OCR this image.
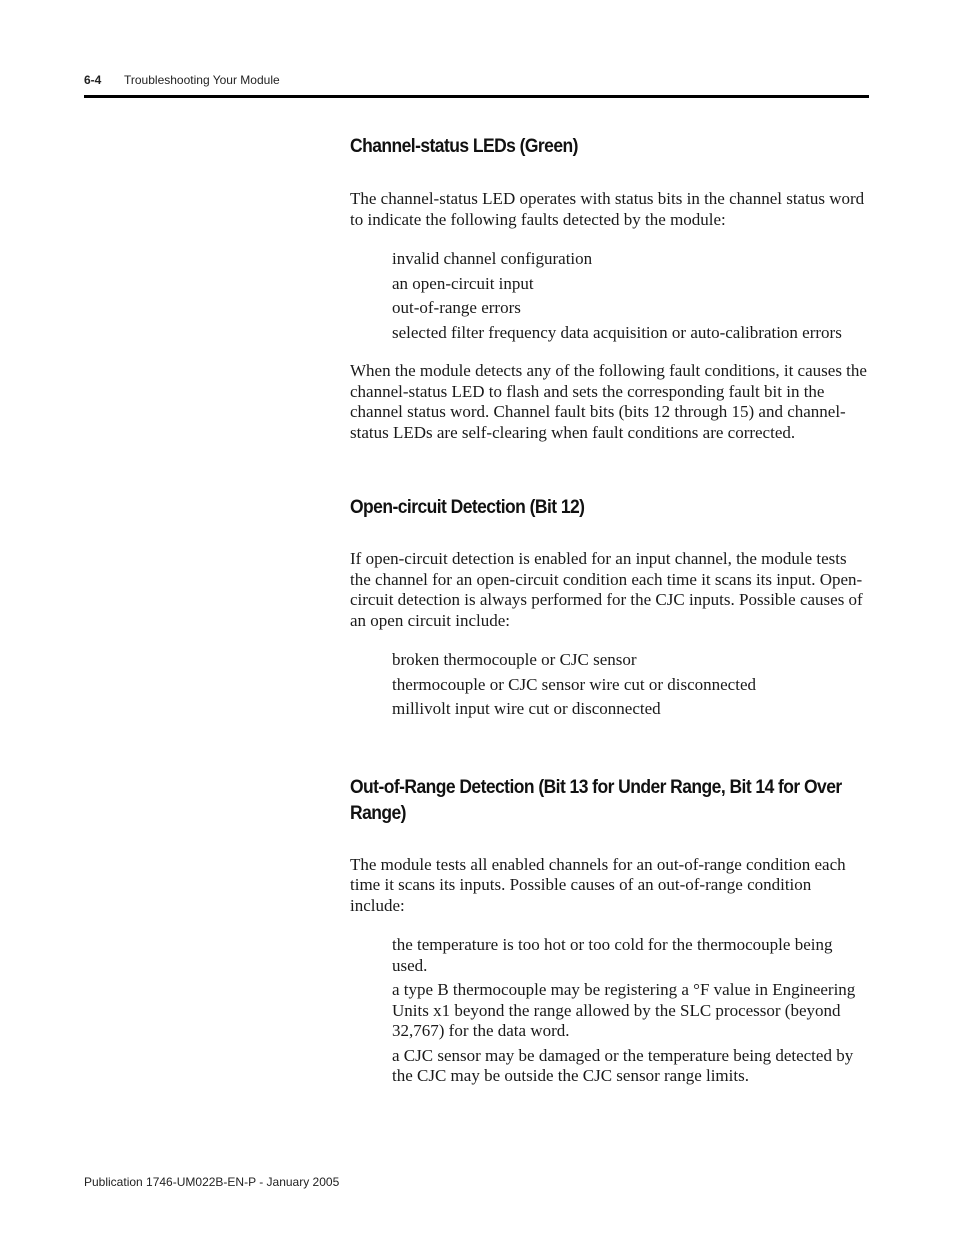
6-4 Troubleshooting Your Module
Channel-status LEDs (Green)

The channel-status LED operates with status bits in the channel status word to indicate the following faults detected by the module:

invalid channel configuration
an open-circuit input
out-of-range errors
selected filter frequency data acquisition or auto-calibration errors

When the module detects any of the following fault conditions, it causes the channel-status LED to flash and sets the corresponding fault bit in the channel status word. Channel fault bits (bits 12 through 15) and channel-status LEDs are self-clearing when fault conditions are corrected.

Open-circuit Detection (Bit 12)

If open-circuit detection is enabled for an input channel, the module tests the channel for an open-circuit condition each time it scans its input. Open-circuit detection is always performed for the CJC inputs. Possible causes of an open circuit include:

broken thermocouple or CJC sensor
thermocouple or CJC sensor wire cut or disconnected
millivolt input wire cut or disconnected
Out-of-Range Detection (Bit 13 for Under Range, Bit 14 for Over Range)

The module tests all enabled channels for an out-of-range condition each time it scans its inputs. Possible causes of an out-of-range condition include:

the temperature is too hot or too cold for the thermocouple being used.
a type B thermocouple may be registering a °F value in Engineering Units x1 beyond the range allowed by the SLC processor (beyond 32,767) for the data word.
a CJC sensor may be damaged or the temperature being detected by the CJC may be outside the CJC sensor range limits.
Publication 1746-UM022B-EN-P - January 2005
